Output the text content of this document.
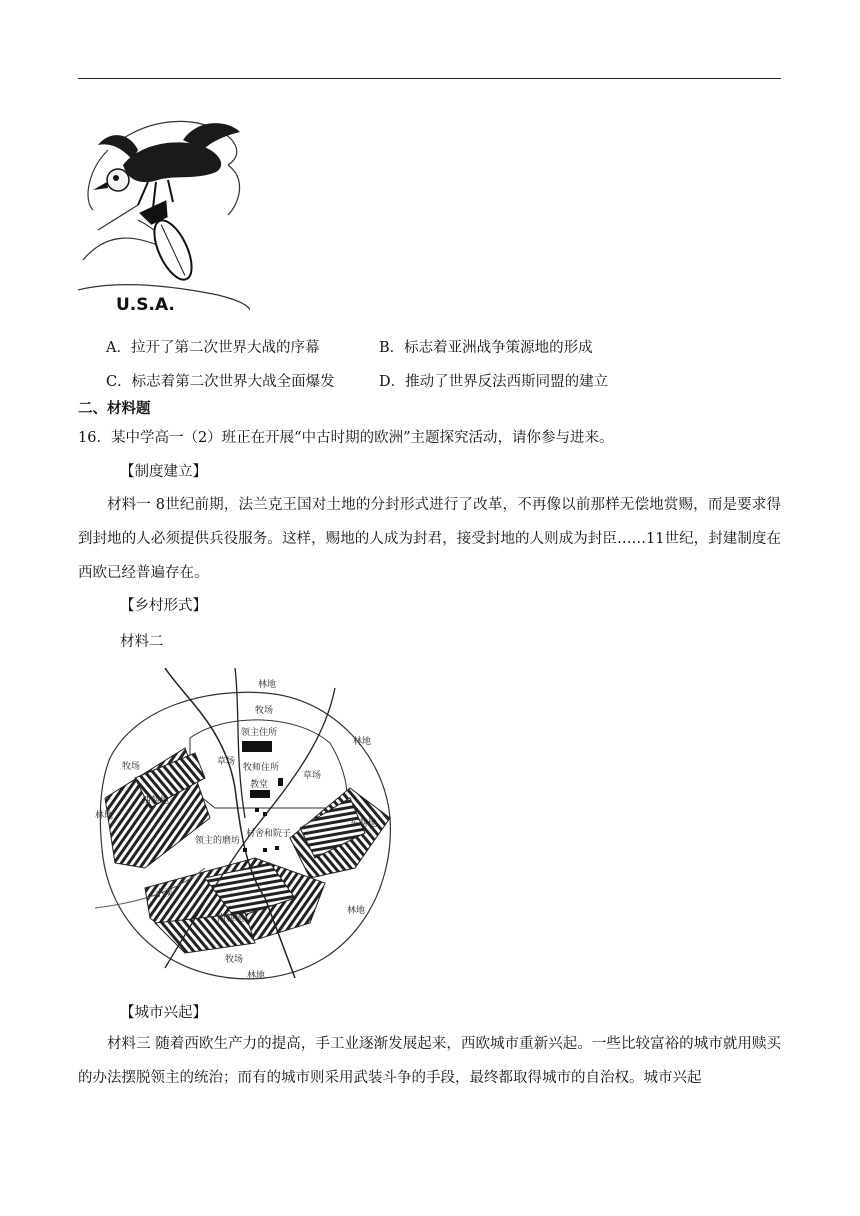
U.S.A.
A．拉开了第二次世界大战的序幕	B．标志着亚洲战争策源地的形成
C．标志着第二次世界大战全面爆发	D．推动了世界反法西斯同盟的建立
二、材料题
16．某中学高一（2）班正在开展“中古时期的欧洲”主题探究活动，请你参与进来。
【制度建立】
材料一 8世纪前期，法兰克王国对土地的分封形式进行了改革，不再像以前那样无偿地赏赐，而是要求得到封地的人必须提供兵役服务。这样，赐地的人成为封君，接受封地的人则成为封臣……11世纪，封建制度在西欧已经普遍存在。
【乡村形式】
材料二
林地
牧场
林地
领主住所
草场
牧师住所
草场
教堂
牧场
西耕地
东耕地
林地
村舍和院子
领主的磨坊
小溪
南耕地
林地
牧场
林地
【城市兴起】
材料三 随着西欧生产力的提高，手工业逐渐发展起来，西欧城市重新兴起。一些比较富裕的城市就用赎买的办法摆脱领主的统治；而有的城市则采用武装斗争的手段，最终都取得城市的自治权。城市兴起
